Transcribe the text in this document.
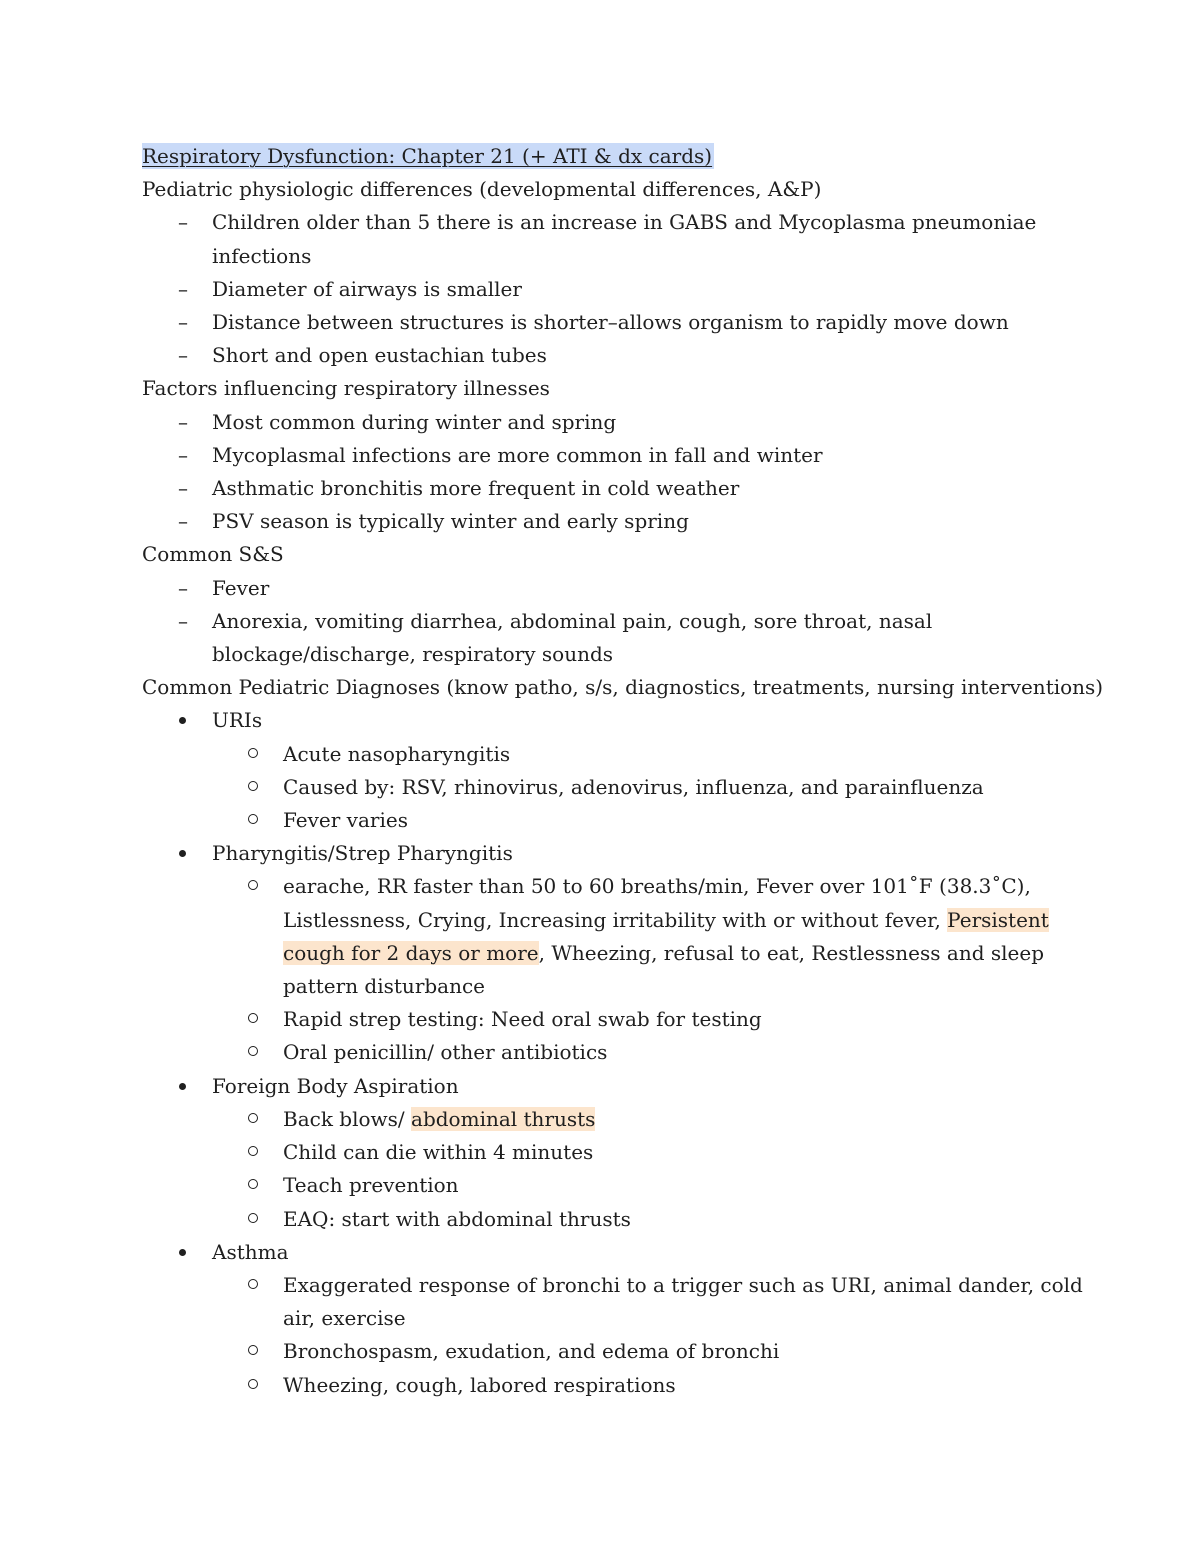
Respiratory Dysfunction: Chapter 21 (+ ATI & dx cards)

Pediatric physiologic differences (developmental differences, A&P)

– Children older than 5 there is an increase in GABS and Mycoplasma pneumoniae

infections

– Diameter of airways is smaller

– Distance between structures is shorter–allows organism to rapidly move down

– Short and open eustachian tubes

Factors influencing respiratory illnesses

– Most common during winter and spring

– Mycoplasmal infections are more common in fall and winter

– Asthmatic bronchitis more frequent in cold weather

– PSV season is typically winter and early spring

Common S&S

– Fever

– Anorexia, vomiting diarrhea, abdominal pain, cough, sore throat, nasal

blockage/discharge, respiratory sounds

Common Pediatric Diagnoses (know patho, s/s, diagnostics, treatments, nursing interventions)

URIs

Acute nasopharyngitis

Caused by: RSV, rhinovirus, adenovirus, influenza, and parainfluenza

Fever varies

Pharyngitis/Strep Pharyngitis

earache, RR faster than 50 to 60 breaths/min, Fever over 101˚F (38.3˚C),

Listlessness, Crying, Increasing irritability with or without fever, Persistent

cough for 2 days or more, Wheezing, refusal to eat, Restlessness and sleep

pattern disturbance

Rapid strep testing: Need oral swab for testing

Oral penicillin/ other antibiotics

Foreign Body Aspiration

Back blows/ abdominal thrusts

Child can die within 4 minutes

Teach prevention

EAQ: start with abdominal thrusts

Asthma

Exaggerated response of bronchi to a trigger such as URI, animal dander, cold

air, exercise

Bronchospasm, exudation, and edema of bronchi

Wheezing, cough, labored respirations
